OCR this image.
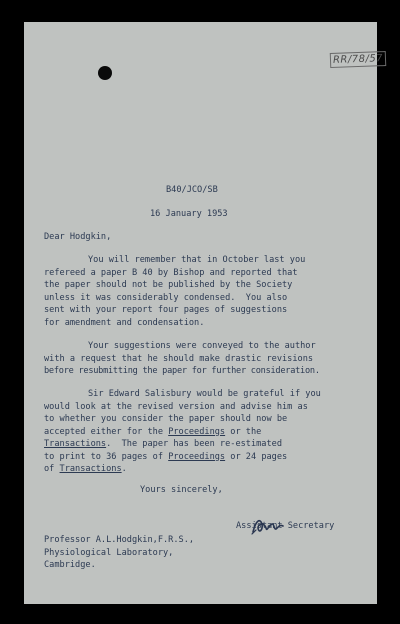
RR/78/57
B40/JCO/SB
16 January 1953
Dear Hodgkin,
You will remember that in October last you
refereed a paper B 40 by Bishop and reported that
the paper should not be published by the Society
unless it was considerably condensed.  You also
sent with your report four pages of suggestions
for amendment and condensation.
Your suggestions were conveyed to the author
with a request that he should make drastic revisions
before resubmitting the paper for further consideration.
Sir Edward Salisbury would be grateful if you
would look at the revised version and advise him as
to whether you consider the paper should now be
accepted either for the Proceedings or the
Transactions.  The paper has been re-estimated
to print to 36 pages of Proceedings or 24 pages
of Transactions.
Yours sincerely,
Assistant Secretary
Professor A.L.Hodgkin,F.R.S.,
Physiological Laboratory,
Cambridge.
